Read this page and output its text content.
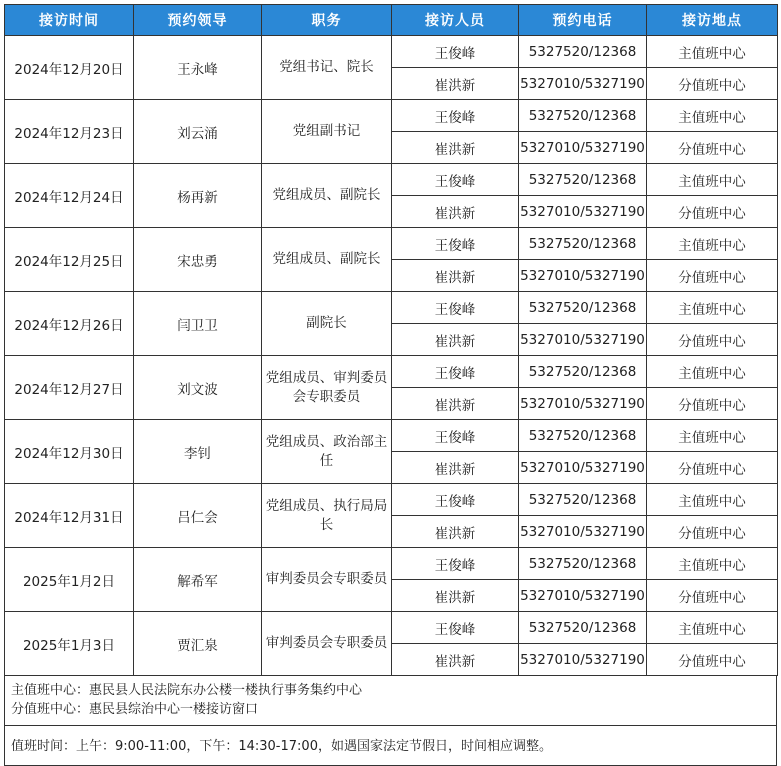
接访时间	预约领导	职务	接访人员	预约电话	接访地点
2024年12月20日	王永峰	党组书记、院长	王俊峰	5327520/12368	主值班中心
			崔洪新	5327010/5327190	分值班中心
2024年12月23日	刘云涌	党组副书记	王俊峰	5327520/12368	主值班中心
			崔洪新	5327010/5327190	分值班中心
2024年12月24日	杨再新	党组成员、副院长	王俊峰	5327520/12368	主值班中心
			崔洪新	5327010/5327190	分值班中心
2024年12月25日	宋忠勇	党组成员、副院长	王俊峰	5327520/12368	主值班中心
			崔洪新	5327010/5327190	分值班中心
2024年12月26日	闫卫卫	副院长	王俊峰	5327520/12368	主值班中心
			崔洪新	5327010/5327190	分值班中心
2024年12月27日	刘文波	党组成员、审判委员会专职委员	王俊峰	5327520/12368	主值班中心
			崔洪新	5327010/5327190	分值班中心
2024年12月30日	李钊	党组成员、政治部主任	王俊峰	5327520/12368	主值班中心
			崔洪新	5327010/5327190	分值班中心
2024年12月31日	吕仁会	党组成员、执行局局长	王俊峰	5327520/12368	主值班中心
			崔洪新	5327010/5327190	分值班中心
2025年1月2日	解希军	审判委员会专职委员	王俊峰	5327520/12368	主值班中心
			崔洪新	5327010/5327190	分值班中心
2025年1月3日	贾汇泉	审判委员会专职委员	王俊峰	5327520/12368	主值班中心
			崔洪新	5327010/5327190	分值班中心
主值班中心：惠民县人民法院东办公楼一楼执行事务集约中心
分值班中心：惠民县综治中心一楼接访窗口
值班时间：上午：9:00-11:00，下午：14:30-17:00，如遇国家法定节假日，时间相应调整。
